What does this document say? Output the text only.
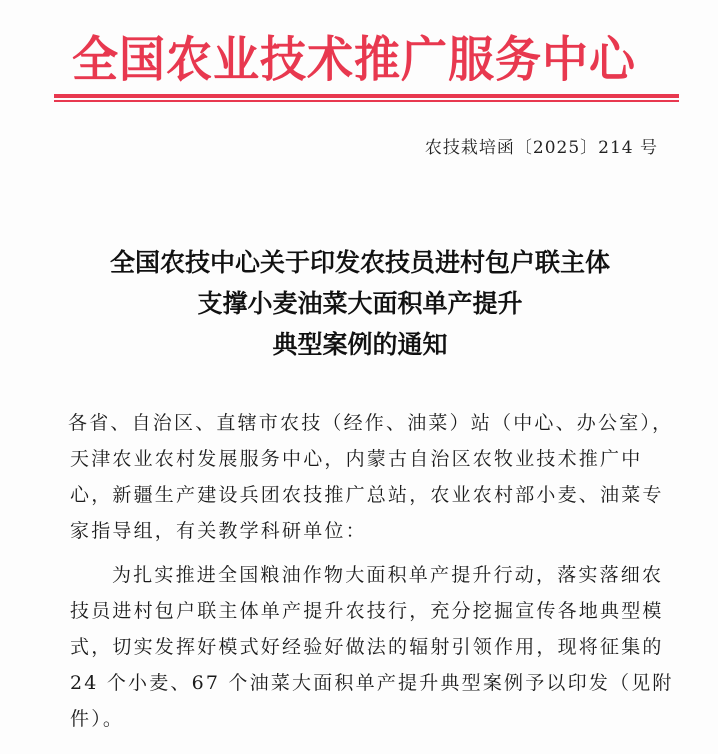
全国农业技术推广服务中心
农技栽培函〔2025〕214 号
全国农技中心关于印发农技员进村包户联主体
支撑小麦油菜大面积单产提升
典型案例的通知
各省、自治区、直辖市农技（经作、油菜）站（中心、办公室），
天津农业农村发展服务中心，内蒙古自治区农牧业技术推广中
心，新疆生产建设兵团农技推广总站，农业农村部小麦、油菜专
家指导组，有关教学科研单位：
为扎实推进全国粮油作物大面积单产提升行动，落实落细农
技员进村包户联主体单产提升农技行，充分挖掘宣传各地典型模
式，切实发挥好模式好经验好做法的辐射引领作用，现将征集的
24 个小麦、67 个油菜大面积单产提升典型案例予以印发（见附
件）。
